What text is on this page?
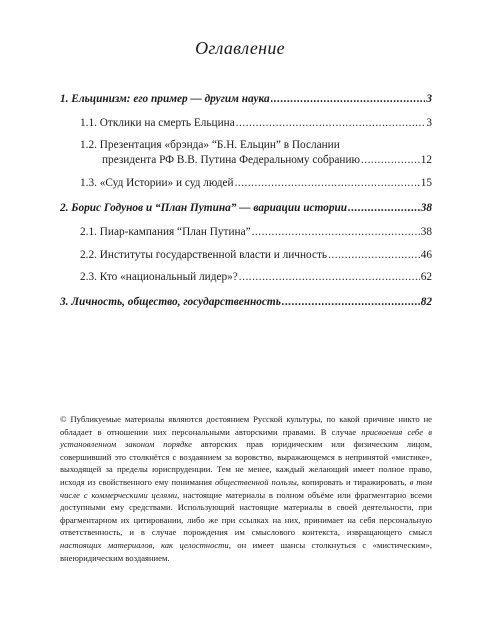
Оглавление
1. Ельцинизм: его пример — другим наука .....	3
1.1. Отклики на смерть Ельцина .....	3
1.2. Презентация «брэнда» “Б.Н. Ельцин” в Послании
президента РФ В.В. Путина Федеральному собранию .....	12
1.3. «Суд Истории» и суд людей .....	15
2. Борис Годунов и “План Путина” — вариации истории .....	38
2.1. Пиар-кампания “План Путина” .....	38
2.2. Институты государственной власти и личность .....	46
2.3. Кто «национальный лидер»? .....	62
3. Личность, общество, государственность .....	82
© Публикуемые материалы являются достоянием Русской культуры, по какой причине никто не обладает в отношении них персональными авторскими правами. В случае присвоения себе в установленном законом порядке авторских прав юридическим или физическим лицом, совершивший это столкнётся с воздаянием за воровство, выражающемся в непринятой «мистике», выходящей за пределы юриспруденции. Тем не менее, каждый желающий имеет полное право, исходя из свойственного ему понимания общественной пользы, копировать и тиражировать, в том числе с коммерческими целями, настоящие материалы в полном объёме или фрагментарно всеми доступными ему средствами. Использующий настоящие материалы в своей деятельности, при фрагментарном их цитировании, либо же при ссылках на них, принимает на себя персональную ответственность, и в случае порождения им смыслового контекста, извращающего смысл настоящих материалов, как целостности, он имеет шансы столкнуться с «мистическим», внеюридическим воздаянием.
